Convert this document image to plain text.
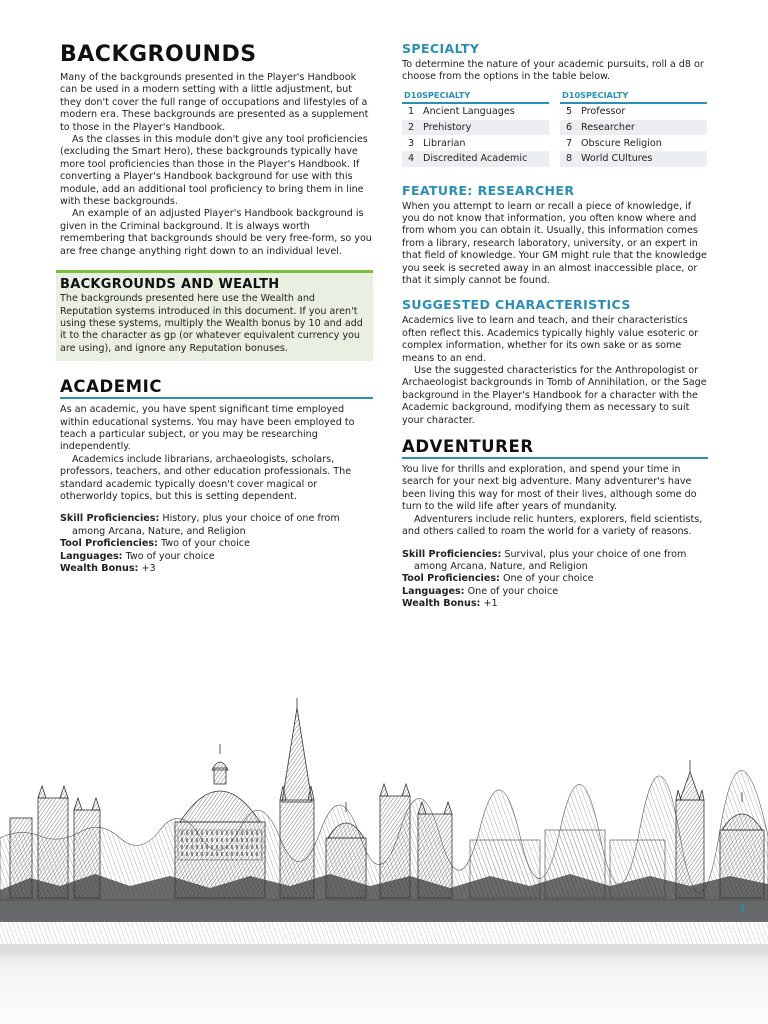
BACKGROUNDS

Many of the backgrounds presented in the Player's Handbook can be used in a modern setting with a little adjustment, but they don't cover the full range of occupations and lifestyles of a modern era. These backgrounds are presented as a supplement to those in the Player's Handbook.

As the classes in this module don't give any tool proficiencies (excluding the Smart Hero), these backgrounds typically have more tool proficiencies than those in the Player's Handbook. If converting a Player's Handbook background for use with this module, add an additional tool proficiency to bring them in line with these backgrounds.

An example of an adjusted Player's Handbook background is given in the Criminal background. It is always worth remembering that backgrounds should be very free-form, so you are free change anything right down to an individual level.

BACKGROUNDS AND WEALTH

The backgrounds presented here use the Wealth and Reputation systems introduced in this document. If you aren't using these systems, multiply the Wealth bonus by 10 and add it to the character as gp (or whatever equivalent currency you are using), and ignore any Reputation bonuses.

ACADEMIC

As an academic, you have spent significant time employed within educational systems. You may have been employed to teach a particular subject, or you may be researching independently.

Academics include librarians, archaeologists, scholars, professors, teachers, and other education professionals. The standard academic typically doesn't cover magical or otherworldy topics, but this is setting dependent.

Skill Proficiencies: History, plus your choice of one from
among Arcana, Nature, and Religion
Tool Proficiencies: Two of your choice
Languages: Two of your choice
Wealth Bonus: +3
SPECIALTY

To determine the nature of your academic pursuits, roll a d8 or choose from the options in the table below.

D10 SPECIALTY
1 Ancient Languages
2 Prehistory
3 Librarian
4 Discredited Academic
D10 SPECIALTY
5 Professor
6 Researcher
7 Obscure Religion
8 World CUltures
FEATURE: RESEARCHER

When you attempt to learn or recall a piece of knowledge, if you do not know that information, you often know where and from whom you can obtain it. Usually, this information comes from a library, research laboratory, university, or an expert in that field of knowledge. Your GM might rule that the knowledge you seek is secreted away in an almost inaccessible place, or that it simply cannot be found.

SUGGESTED CHARACTERISTICS

Academics live to learn and teach, and their characteristics often reflect this. Academics typically highly value esoteric or complex information, whether for its own sake or as some means to an end.

Use the suggested characteristics for the Anthropologist or Archaeologist backgrounds in Tomb of Annihilation, or the Sage background in the Player's Handbook for a character with the Academic background, modifying them as necessary to suit your character.

ADVENTURER

You live for thrills and exploration, and spend your time in search for your next big adventure. Many adventurer's have been living this way for most of their lives, although some do turn to the wild life after years of mundanity.

Adventurers include relic hunters, explorers, field scientists, and others called to roam the world for a variety of reasons.

Skill Proficiencies: Survival, plus your choice of one from
among Arcana, Nature, and Religion
Tool Proficiencies: One of your choice
Languages: One of your choice
Wealth Bonus: +1
1
